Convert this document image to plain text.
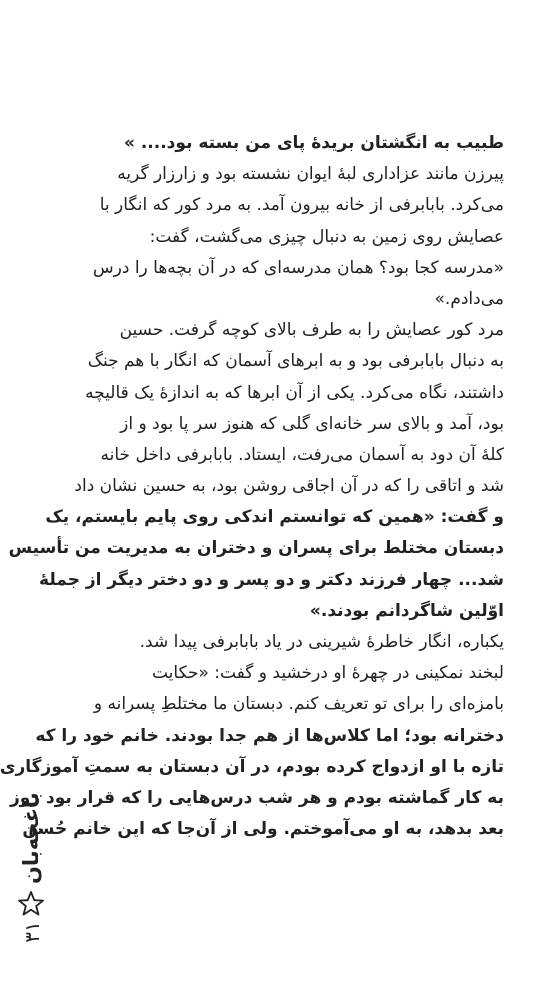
طبیب به انگشتان بریدهٔ پای من بسته بود.... »
پیرزن مانند عزاداری لبهٔ ایوان نشسته بود و زارزار گریه
می‌کرد. بابابرفی از خانه بیرون آمد. به مرد کور که انگار با
عصایش روی زمین به دنبال چیزی می‌گشت، گفت:
«مدرسه کجا بود؟ همان مدرسه‌ای که در آن بچه‌ها را درس
می‌دادم.»
مرد کور عصایش را به طرف بالای کوچه گرفت. حسین
به دنبال بابابرفی بود و به ابرهای آسمان که انگار با هم جنگ
داشتند، نگاه می‌کرد. یکی از آن ابرها که به اندازهٔ یک قالیچه
بود، آمد و بالای سر خانه‌ای گلی که هنوز سر پا بود و از
کلهٔ آن دود به آسمان می‌رفت، ایستاد. بابابرفی داخل خانه
شد و اتاقی را که در آن اجاقی روشن بود، به حسین نشان داد
و گفت: «همین که توانستم اندکی روی پایم بایستم، یک
دبستان مختلط برای پسران و دختران به مدیریت من تأسیس
شد... چهار فرزند دکتر و دو پسر و دو دختر دیگر از جملهٔ
اوّلین شاگردانم بودند.»
یکباره، انگار خاطرهٔ شیرینی در یاد بابابرفی پیدا شد.
لبخند نمکینی در چهرهٔ او درخشید و گفت: «حکایت
بامزه‌ای را برای تو تعریف کنم. دبستان ما مختلطِ پسرانه و
دخترانه بود؛ اما کلاس‌ها از هم جدا بودند. خانم خود را که
تازه با او ازدواج کرده بودم، در آن دبستان به سمتِ آموزگاری
به کار گماشته بودم و هر شب درس‌هایی را که قرار بود روز
بعد بدهد، به او می‌آموختم. ولی از آن‌جا که این خانم حُسن
باغچه‌بان
۳۱
